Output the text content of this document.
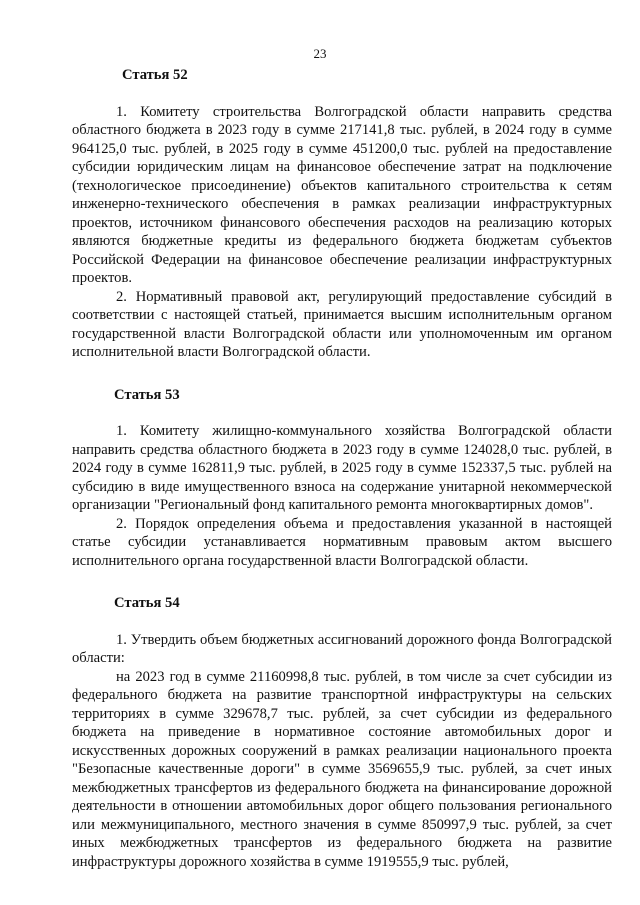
23
Статья 52

1. Комитету строительства Волгоградской области направить средства областного бюджета в 2023 году в сумме 217141,8 тыс. рублей, в 2024 году в сумме 964125,0 тыс. рублей, в 2025 году в сумме 451200,0 тыс. рублей на предоставление субсидии юридическим лицам на финансовое обеспечение затрат на подключение (технологическое присоединение) объектов капитального строительства к сетям инженерно-технического обеспечения в рамках реализации инфраструктурных проектов, источником финансового обеспечения расходов на реализацию которых являются бюджетные кредиты из федерального бюджета бюджетам субъектов Российской Федерации на финансовое обеспечение реализации инфраструктурных проектов.

2. Нормативный правовой акт, регулирующий предоставление субсидий в соответствии с настоящей статьей, принимается высшим исполнительным органом государственной власти Волгоградской области или уполномоченным им органом исполнительной власти Волгоградской области.

Статья 53

1. Комитету жилищно-коммунального хозяйства Волгоградской области направить средства областного бюджета в 2023 году в сумме 124028,0 тыс. рублей, в 2024 году в сумме 162811,9 тыс. рублей, в 2025 году в сумме 152337,5 тыс. рублей на субсидию в виде имущественного взноса на содержание унитарной некоммерческой организации "Региональный фонд капитального ремонта многоквартирных домов".

2. Порядок определения объема и предоставления указанной в настоящей статье субсидии устанавливается нормативным правовым актом высшего исполнительного органа государственной власти Волгоградской области.

Статья 54

1. Утвердить объем бюджетных ассигнований дорожного фонда Волгоградской области:

на 2023 год в сумме 21160998,8 тыс. рублей, в том числе за счет субсидии из федерального бюджета на развитие транспортной инфраструктуры на сельских территориях в сумме 329678,7 тыс. рублей, за счет субсидии из федерального бюджета на приведение в нормативное состояние автомобильных дорог и искусственных дорожных сооружений в рамках реализации национального проекта "Безопасные качественные дороги" в сумме 3569655,9 тыс. рублей, за счет иных межбюджетных трансфертов из федерального бюджета на финансирование дорожной деятельности в отношении автомобильных дорог общего пользования регионального или межмуниципального, местного значения в сумме 850997,9 тыс. рублей, за счет иных межбюджетных трансфертов из федерального бюджета на развитие инфраструктуры дорожного хозяйства в сумме 1919555,9 тыс. рублей,
